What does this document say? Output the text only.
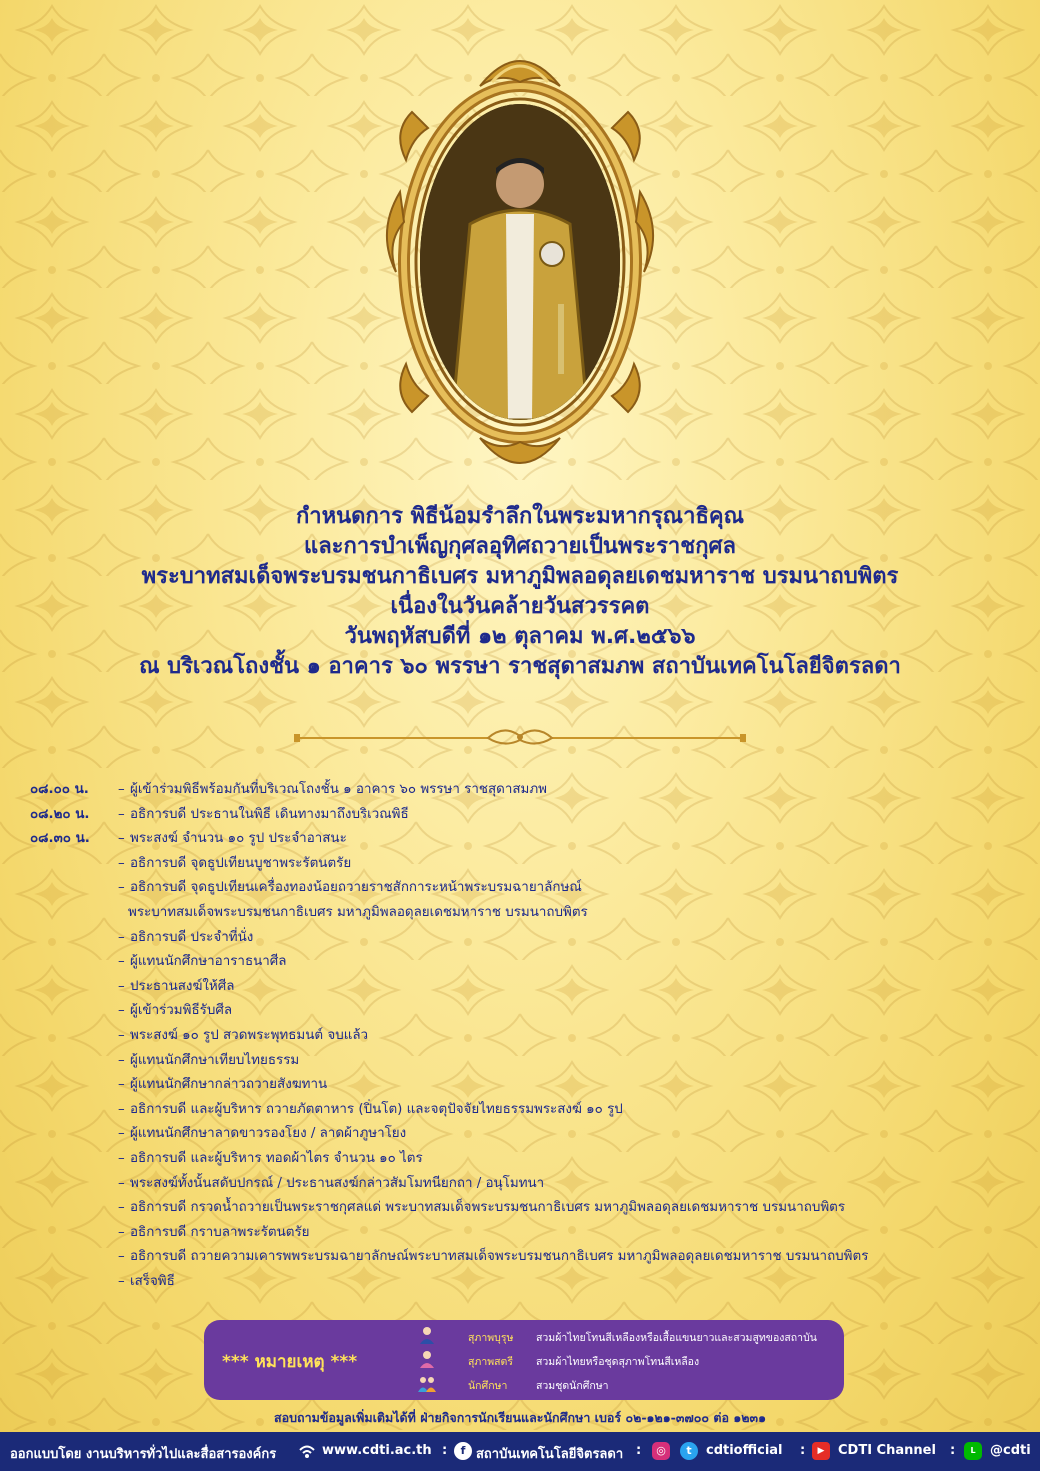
กำหนดการ พิธีน้อมรำลึกในพระมหากรุณาธิคุณ
และการบำเพ็ญกุศลอุทิศถวายเป็นพระราชกุศล
พระบาทสมเด็จพระบรมชนกาธิเบศร มหาภูมิพลอดุลยเดชมหาราช บรมนาถบพิตร
เนื่องในวันคล้ายวันสวรรคต
วันพฤหัสบดีที่ ๑๒ ตุลาคม พ.ศ.๒๕๖๖
ณ บริเวณโถงชั้น ๑ อาคาร ๖๐ พรรษา ราชสุดาสมภพ สถาบันเทคโนโลยีจิตรลดา
๐๘.๐๐ น.	– ผู้เข้าร่วมพิธีพร้อมกันที่บริเวณโถงชั้น ๑ อาคาร ๖๐ พรรษา ราชสุดาสมภพ
๐๘.๒๐ น.	– อธิการบดี ประธานในพิธี เดินทางมาถึงบริเวณพิธี
๐๘.๓๐ น.	– พระสงฆ์ จำนวน ๑๐ รูป ประจำอาสนะ
– อธิการบดี จุดธูปเทียนบูชาพระรัตนตรัย
– อธิการบดี จุดธูปเทียนเครื่องทองน้อยถวายราชสักการะหน้าพระบรมฉายาลักษณ์
พระบาทสมเด็จพระบรมชนกาธิเบศร มหาภูมิพลอดุลยเดชมหาราช บรมนาถบพิตร
– อธิการบดี ประจำที่นั่ง
– ผู้แทนนักศึกษาอาราธนาศีล
– ประธานสงฆ์ให้ศีล
– ผู้เข้าร่วมพิธีรับศีล
– พระสงฆ์ ๑๐ รูป สวดพระพุทธมนต์ จบแล้ว
– ผู้แทนนักศึกษาเทียบไทยธรรม
– ผู้แทนนักศึกษากล่าวถวายสังฆทาน
– อธิการบดี และผู้บริหาร ถวายภัตตาหาร (ปิ่นโต) และจตุปัจจัยไทยธรรมพระสงฆ์ ๑๐ รูป
– ผู้แทนนักศึกษาลาดขาวรองโยง / ลาดผ้าภูษาโยง
– อธิการบดี และผู้บริหาร ทอดผ้าไตร จำนวน ๑๐ ไตร
– พระสงฆ์ทั้งนั้นสดับปกรณ์ / ประธานสงฆ์กล่าวสัมโมทนียกถา / อนุโมทนา
– อธิการบดี กรวดน้ำถวายเป็นพระราชกุศลแด่ พระบาทสมเด็จพระบรมชนกาธิเบศร มหาภูมิพลอดุลยเดชมหาราช บรมนาถบพิตร
– อธิการบดี กราบลาพระรัตนตรัย
– อธิการบดี ถวายความเคารพพระบรมฉายาลักษณ์พระบาทสมเด็จพระบรมชนกาธิเบศร มหาภูมิพลอดุลยเดชมหาราช บรมนาถบพิตร
– เสร็จพิธี
*** หมายเหตุ ***
สุภาพบุรุษ สวมผ้าไทยโทนสีเหลืองหรือเสื้อแขนยาวและสวมสูทของสถาบัน
สุภาพสตรี สวมผ้าไทยหรือชุดสุภาพโทนสีเหลือง
นักศึกษา	สวมชุดนักศึกษา
สอบถามข้อมูลเพิ่มเติมได้ที่ ฝ่ายกิจการนักเรียนและนักศึกษา เบอร์ ๐๒-๑๒๑-๓๗๐๐ ต่อ ๑๒๓๑
ออกแบบโดย งานบริหารทั่วไปและสื่อสารองค์กร	www.cdti.ac.th :	f สถาบันเทคโนโลยีจิตรลดา :	◎	t	cdtiofficial :	▶	CDTI Channel :	L	@cdti
